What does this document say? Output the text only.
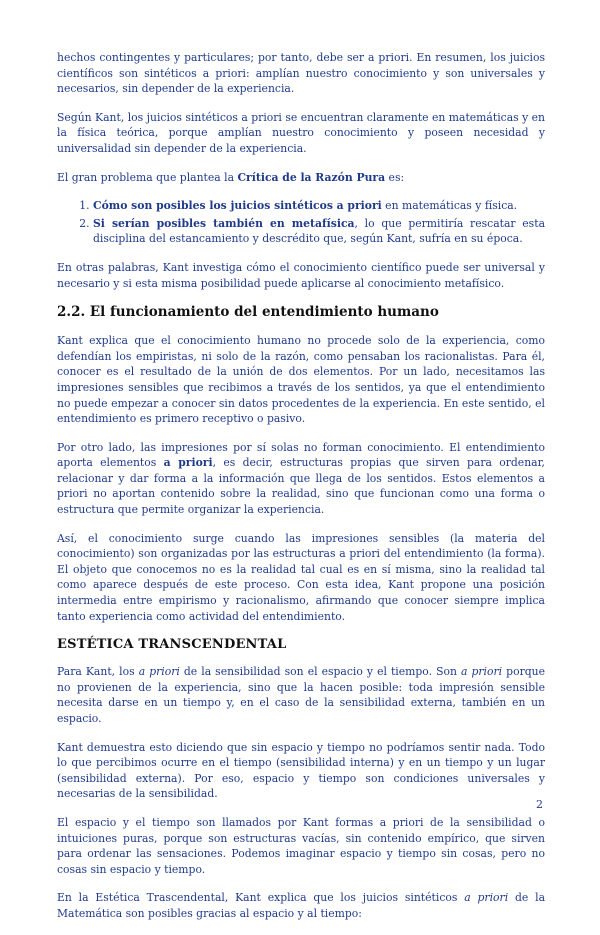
hechos contingentes y particulares; por tanto, debe ser a priori. En resumen, los juicios científicos son sintéticos a priori: amplían nuestro conocimiento y son universales y necesarios, sin depender de la experiencia.

Según Kant, los juicios sintéticos a priori se encuentran claramente en matemáticas y en la física teórica, porque amplían nuestro conocimiento y poseen necesidad y universalidad sin depender de la experiencia.

El gran problema que plantea la Crítica de la Razón Pura es:

1. Cómo son posibles los juicios sintéticos a priori en matemáticas y física.
2. Si serían posibles también en metafísica, lo que permitiría rescatar esta disciplina del estancamiento y descrédito que, según Kant, sufría en su época.

En otras palabras, Kant investiga cómo el conocimiento científico puede ser universal y necesario y si esta misma posibilidad puede aplicarse al conocimiento metafísico.

2.2. El funcionamiento del entendimiento humano

Kant explica que el conocimiento humano no procede solo de la experiencia, como defendían los empiristas, ni solo de la razón, como pensaban los racionalistas. Para él, conocer es el resultado de la unión de dos elementos. Por un lado, necesitamos las impresiones sensibles que recibimos a través de los sentidos, ya que el entendimiento no puede empezar a conocer sin datos procedentes de la experiencia. En este sentido, el entendimiento es primero receptivo o pasivo.

Por otro lado, las impresiones por sí solas no forman conocimiento. El entendimiento aporta elementos a priori, es decir, estructuras propias que sirven para ordenar, relacionar y dar forma a la información que llega de los sentidos. Estos elementos a priori no aportan contenido sobre la realidad, sino que funcionan como una forma o estructura que permite organizar la experiencia.

Así, el conocimiento surge cuando las impresiones sensibles (la materia del conocimiento) son organizadas por las estructuras a priori del entendimiento (la forma). El objeto que conocemos no es la realidad tal cual es en sí misma, sino la realidad tal como aparece después de este proceso. Con esta idea, Kant propone una posición intermedia entre empirismo y racionalismo, afirmando que conocer siempre implica tanto experiencia como actividad del entendimiento.

ESTÉTICA TRANSCENDENTAL

Para Kant, los a priori de la sensibilidad son el espacio y el tiempo. Son a priori porque no provienen de la experiencia, sino que la hacen posible: toda impresión sensible necesita darse en un tiempo y, en el caso de la sensibilidad externa, también en un espacio.

Kant demuestra esto diciendo que sin espacio y tiempo no podríamos sentir nada. Todo lo que percibimos ocurre en el tiempo (sensibilidad interna) y en un tiempo y un lugar (sensibilidad externa). Por eso, espacio y tiempo son condiciones universales y necesarias de la sensibilidad.

El espacio y el tiempo son llamados por Kant formas a priori de la sensibilidad o intuiciones puras, porque son estructuras vacías, sin contenido empírico, que sirven para ordenar las sensaciones. Podemos imaginar espacio y tiempo sin cosas, pero no cosas sin espacio y tiempo.

En la Estética Trascendental, Kant explica que los juicios sintéticos a priori de la Matemática son posibles gracias al espacio y al tiempo:

2
